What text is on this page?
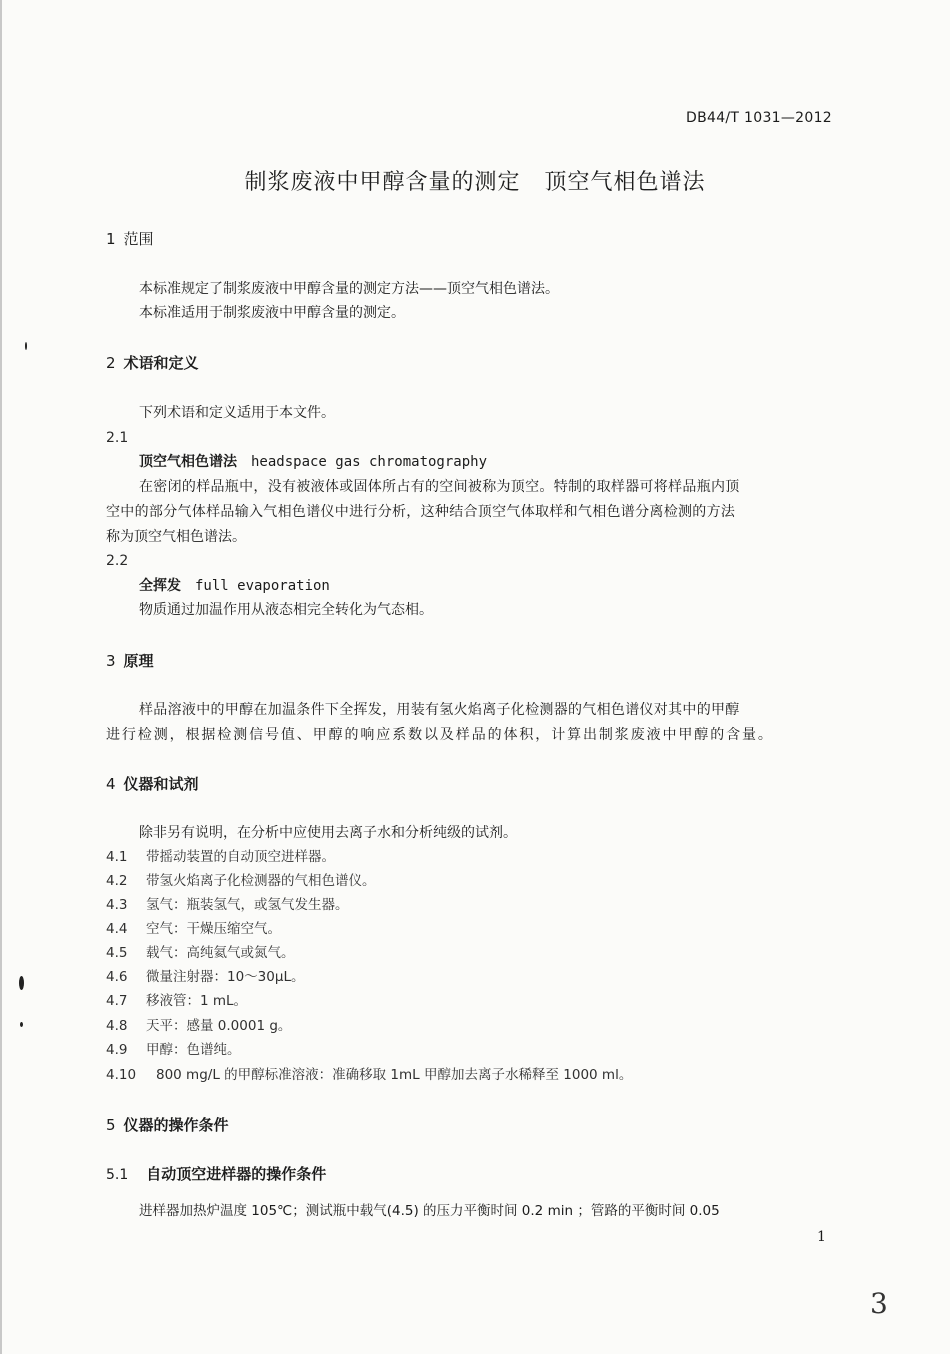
DB44/T 1031—2012
制浆废液中甲醇含量的测定 顶空气相色谱法
1 范围
本标准规定了制浆废液中甲醇含量的测定方法——顶空气相色谱法。
本标准适用于制浆废液中甲醇含量的测定。
2 术语和定义
下列术语和定义适用于本文件。
2.1
顶空气相色谱法 headspace gas chromatography
在密闭的样品瓶中，没有被液体或固体所占有的空间被称为顶空。特制的取样器可将样品瓶内顶
空中的部分气体样品输入气相色谱仪中进行分析，这种结合顶空气体取样和气相色谱分离检测的方法
称为顶空气相色谱法。
2.2
全挥发 full evaporation
物质通过加温作用从液态相完全转化为气态相。
3 原理
样品溶液中的甲醇在加温条件下全挥发，用装有氢火焰离子化检测器的气相色谱仪对其中的甲醇
进行检测，根据检测信号值、甲醇的响应系数以及样品的体积，计算出制浆废液中甲醇的含量。
4 仪器和试剂
除非另有说明，在分析中应使用去离子水和分析纯级的试剂。
4.1 带摇动装置的自动顶空进样器。
4.2 带氢火焰离子化检测器的气相色谱仪。
4.3 氢气：瓶装氢气，或氢气发生器。
4.4 空气：干燥压缩空气。
4.5 载气：高纯氦气或氮气。
4.6 微量注射器：10～30μL。
4.7 移液管：1 mL。
4.8 天平：感量 0.0001 g。
4.9 甲醇：色谱纯。
4.10 800 mg/L 的甲醇标准溶液：准确移取 1mL 甲醇加去离子水稀释至 1000 ml。
5 仪器的操作条件
5.1 自动顶空进样器的操作条件
进样器加热炉温度 105℃；测试瓶中载气(4.5) 的压力平衡时间 0.2 min ；管路的平衡时间 0.05
1
3
